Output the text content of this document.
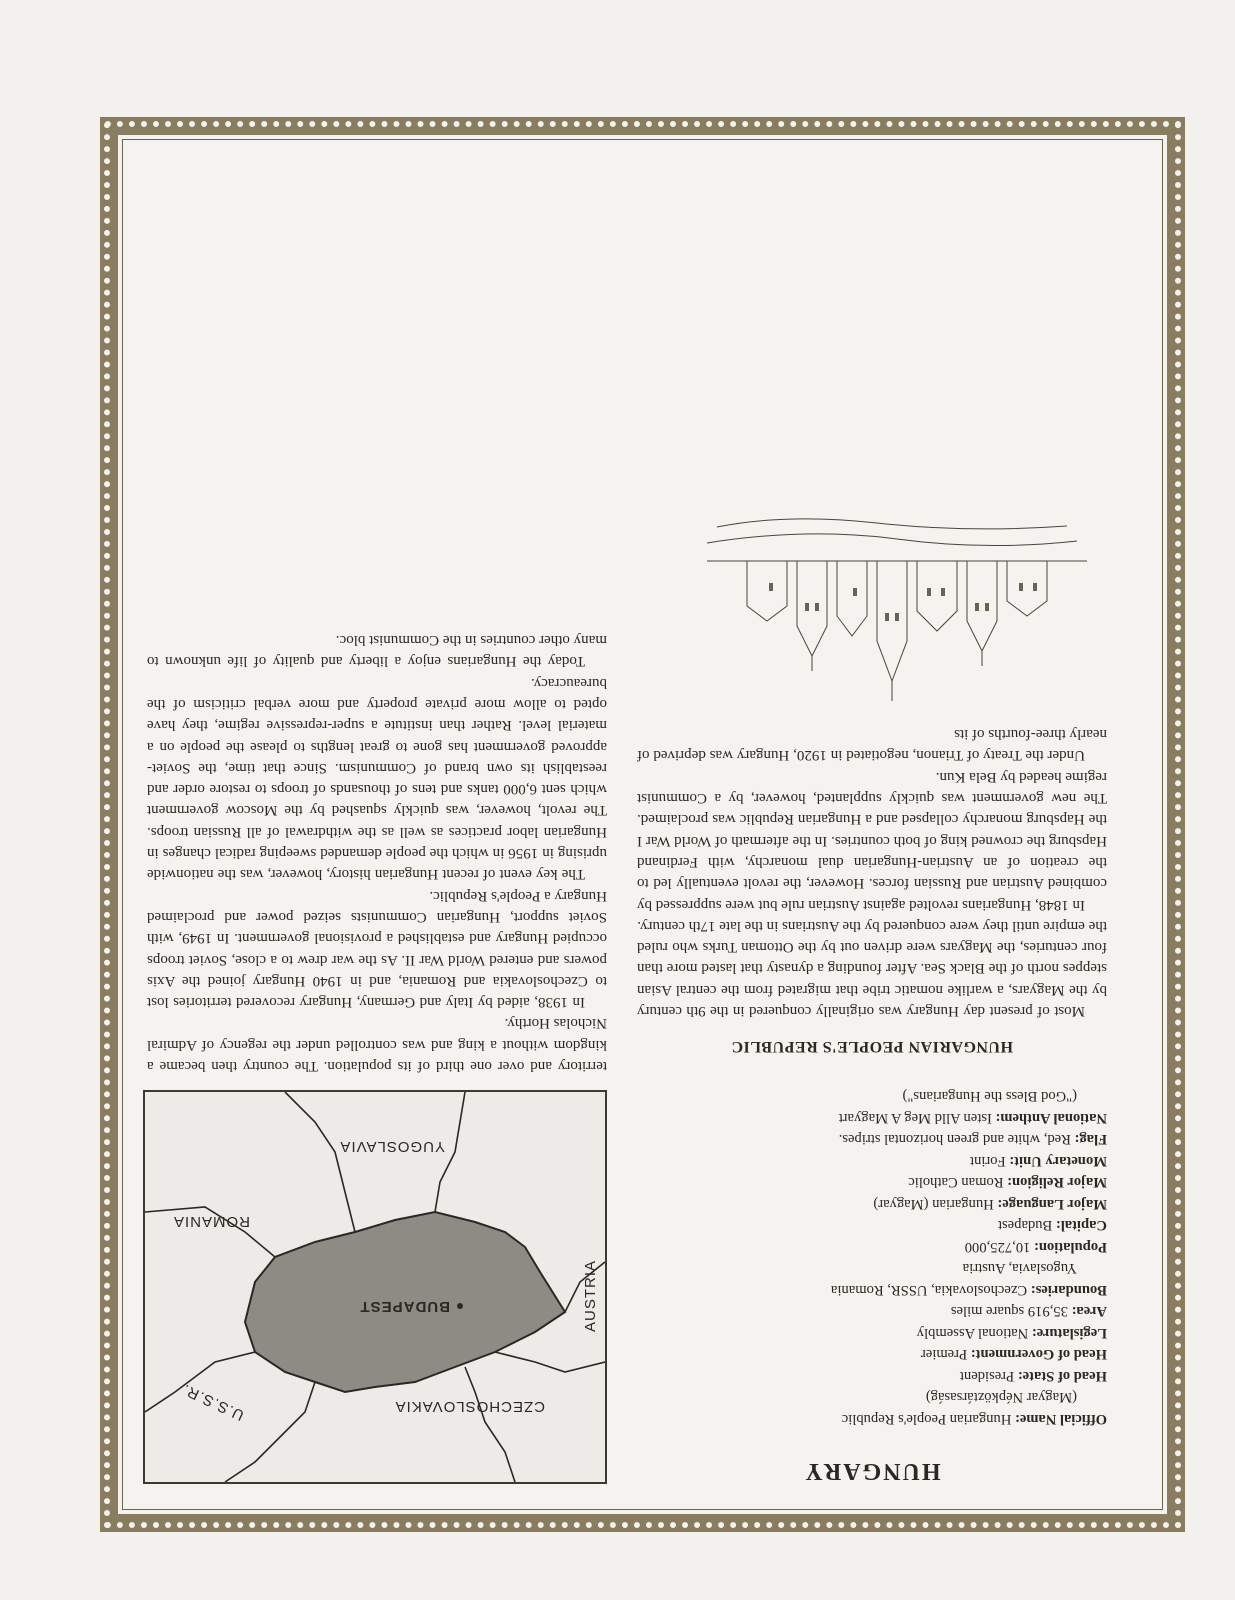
HUNGARY
Official Name: Hungarian People's Republic
(Magyar Népköztársaság)
Head of State: President
Head of Government: Premier
Legislature: National Assembly
Area: 35,919 square miles
Boundaries: Czechoslovakia, USSR, Romania
Yugoslavia, Austria
Population: 10,725,000
Capital: Budapest
Major Language: Hungarian (Magyar)
Major Religion: Roman Catholic
Monetary Unit: Forint
Flag: Red, white and green horizontal stripes.
National Anthem: Isten Alld Meg A Magyart
("God Bless the Hungarians")
HUNGARIAN PEOPLE'S REPUBLIC

Most of present day Hungary was originally conquered in the 9th century by the Magyars, a warlike nomatic tribe that migrated from the central Asian steppes north of the Black Sea. After founding a dynasty that lasted more than four centuries, the Magyars were driven out by the Ottoman Turks who ruled the empire until they were conquered by the Austrians in the late 17th century.

In 1848, Hungarians revolted against Austrian rule but were suppressed by combined Austrian and Russian forces. However, the revolt eventually led to the creation of an Austrian-Hungarian dual monarchy, with Ferdinand Hapsburg the crowned king of both countries. In the aftermath of World War I the Hapsburg monarchy collapsed and a Hungarian Republic was proclaimed. The new government was quickly supplanted, however, by a Communist regime headed by Bela Kun.

Under the Treaty of Trianon, negotiated in 1920, Hungary was deprived of nearly three-fourths of its

CZECHOSLOVAKIA
U.S.S.R.
AUSTRIA
BUDAPEST
ROMANIA
YUGOSLAVIA

territory and over one third of its population. The country then became a kingdom without a king and was controlled under the regency of Admiral Nicholas Horthy.

In 1938, aided by Italy and Germany, Hungary recovered territories lost to Czechoslovakia and Romania, and in 1940 Hungary joined the Axis powers and entered World War II. As the war drew to a close, Soviet troops occupied Hungary and established a provisional government. In 1949, with Soviet support, Hungarian Communists seized power and proclaimed Hungary a People's Republic.

The key event of recent Hungarian history, however, was the nationwide uprising in 1956 in which the people demanded sweeping radical changes in Hungarian labor practices as well as the withdrawal of all Russian troops. The revolt, however, was quickly squashed by the Moscow government which sent 6,000 tanks and tens of thousands of troops to restore order and reestablish its own brand of Communism. Since that time, the Soviet-approved government has gone to great lengths to please the people on a material level. Rather than institute a super-repressive regime, they have opted to allow more private property and more verbal criticism of the bureaucracy.

Today the Hungarians enjoy a liberty and quality of life unknown to many other countries in the Communist bloc.
